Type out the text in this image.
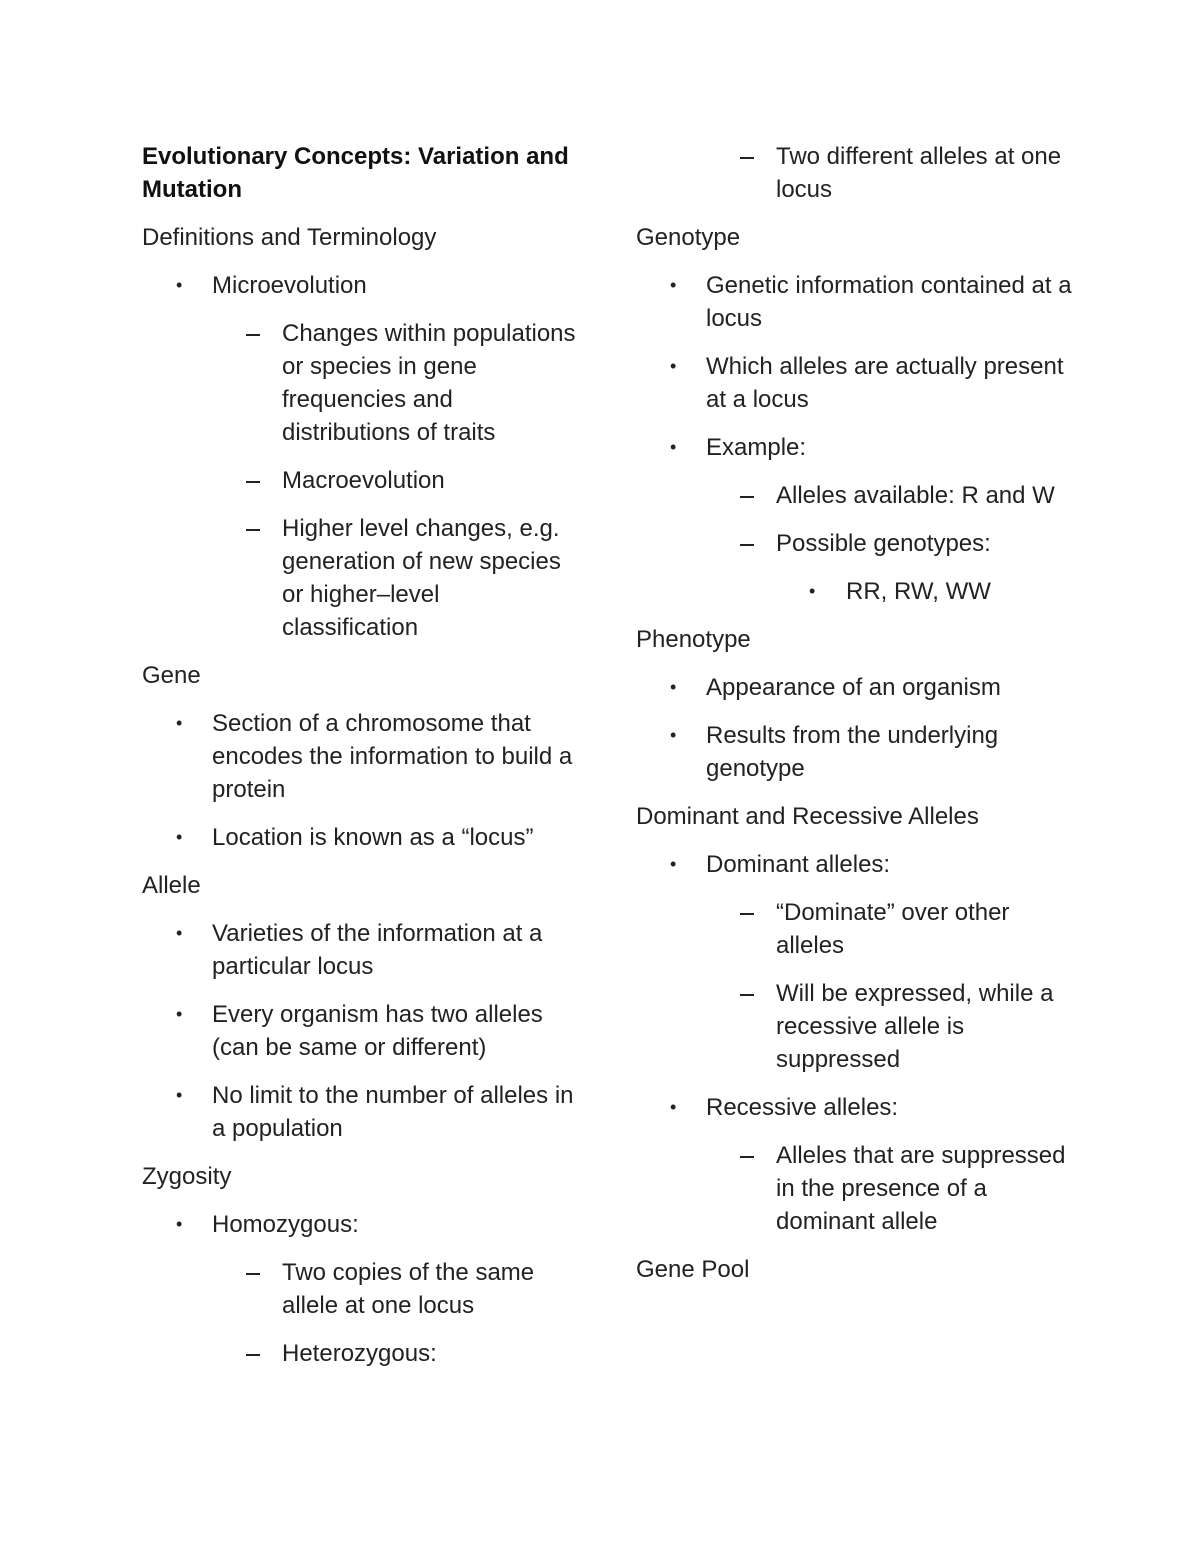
Evolutionary Concepts: Variation and Mutation
Definitions and Terminology
• Microevolution
Changes within populations or species in gene frequencies and distributions of traits
Macroevolution
Higher level changes, e.g. generation of new species or higher–level classification
Gene
• Section of a chromosome that encodes the information to build a protein
• Location is known as a “locus”
Allele
• Varieties of the information at a particular locus
• Every organism has two alleles (can be same or different)
• No limit to the number of alleles in a population
Zygosity
• Homozygous:
Two copies of the same allele at one locus
Heterozygous:
Two different alleles at one locus
Genotype
• Genetic information contained at a locus
• Which alleles are actually present at a locus
• Example:
Alleles available: R and W
Possible genotypes:
• RR, RW, WW
Phenotype
• Appearance of an organism
• Results from the underlying genotype
Dominant and Recessive Alleles
• Dominant alleles:
“Dominate” over other alleles
Will be expressed, while a recessive allele is suppressed
• Recessive alleles:
Alleles that are suppressed in the presence of a dominant allele
Gene Pool
